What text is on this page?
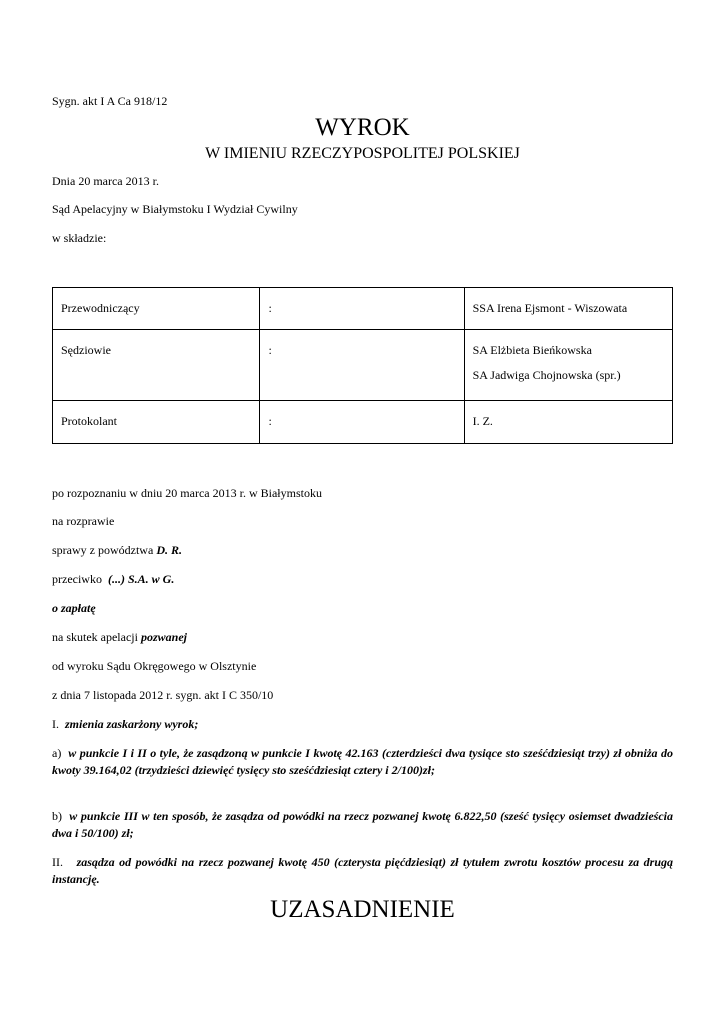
Sygn. akt I A Ca 918/12
WYROK
W IMIENIU RZECZYPOSPOLITEJ POLSKIEJ
Dnia 20 marca 2013 r.
Sąd Apelacyjny w Białymstoku I Wydział Cywilny
w składzie:
Przewodniczący	:	SSA Irena Ejsmont - Wiszowata

Sędziowie	:	SA Elżbieta Bieńkowska
SA Jadwiga Chojnowska (spr.)

Protokolant	:	I. Z.
po rozpoznaniu w dniu 20 marca 2013 r. w Białymstoku
na rozprawie
sprawy z powództwa D. R.
przeciwko  (...) S.A. w G.
o zapłatę
na skutek apelacji pozwanej
od wyroku Sądu Okręgowego w Olsztynie
z dnia 7 listopada 2012 r. sygn. akt I C 350/10
I.  zmienia zaskarżony wyrok;
a)  w punkcie I i II o tyle, że zasądzoną w punkcie I kwotę 42.163 (czterdzieści dwa tysiące sto sześćdziesiąt trzy) zł obniża do kwoty 39.164,02 (trzydzieści dziewięć tysięcy sto sześćdziesiąt cztery i 2/100)zł;
b)  w punkcie III w ten sposób, że zasądza od powódki na rzecz pozwanej kwotę 6.822,50 (sześć tysięcy osiemset dwadzieścia dwa i 50/100) zł;
II.   zasądza od powódki na rzecz pozwanej kwotę 450 (czterysta pięćdziesiąt) zł tytułem zwrotu kosztów procesu za drugą instancję.
UZASADNIENIE
